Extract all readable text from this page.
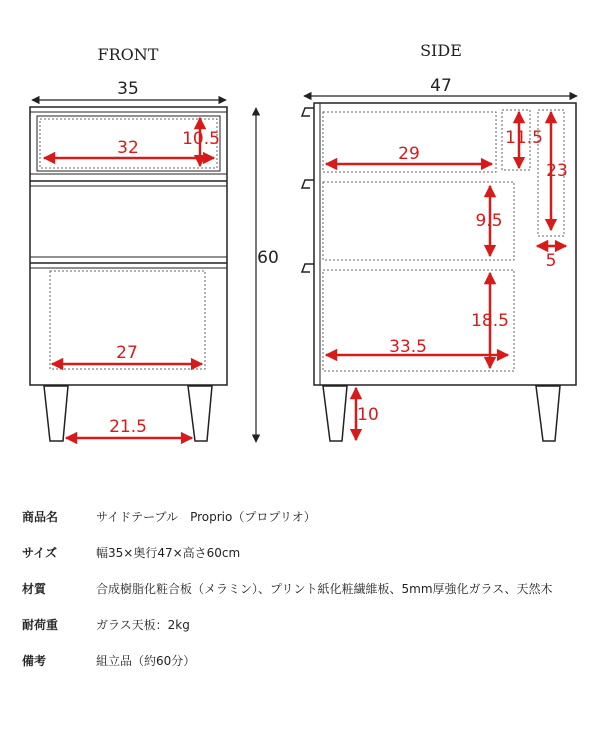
FRONT
35
32	10.5
27
21.5
60
SIDE
47
29
11.5
23
5
9.5
18.5
33.5
10
商品名	サイドテーブル　Proprio（プロプリオ）
サイズ	幅35×奥行47×高さ60cm
材質	合成樹脂化粧合板（メラミン）、プリント紙化粧繊維板、5mm厚強化ガラス、天然木
耐荷重	ガラス天板：2kg
備考	組立品（約60分）
